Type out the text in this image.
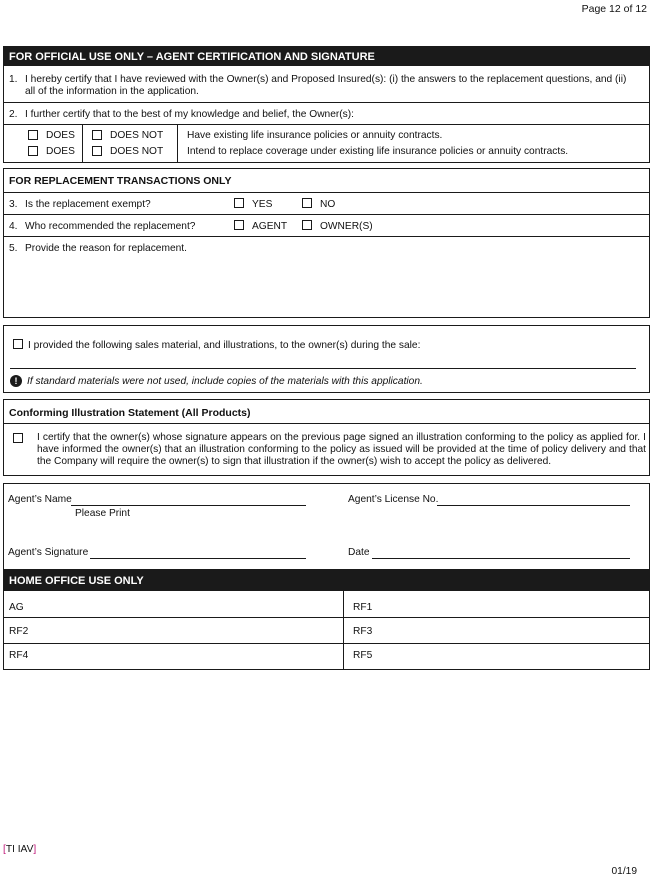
Page 12 of 12
FOR OFFICIAL USE ONLY – AGENT CERTIFICATION AND SIGNATURE
1. I hereby certify that I have reviewed with the Owner(s) and Proposed Insured(s): (i) the answers to the replacement questions, and (ii) all of the information in the application.
2. I further certify that to the best of my knowledge and belief, the Owner(s):
DOES	DOES NOT Have existing life insurance policies or annuity contracts.
DOES	DOES NOT Intend to replace coverage under existing life insurance policies or annuity contracts.
FOR REPLACEMENT TRANSACTIONS ONLY
3. Is the replacement exempt?	YES	NO
4. Who recommended the replacement?	AGENT	OWNER(S)
5. Provide the reason for replacement.
I provided the following sales material, and illustrations, to the owner(s) during the sale:
! If standard materials were not used, include copies of the materials with this application.
Conforming Illustration Statement (All Products)
I certify that the owner(s) whose signature appears on the previous page signed an illustration conforming to the policy as applied for. I have informed the owner(s) that an illustration conforming to the policy as issued will be provided at the time of policy delivery and that the Company will require the owner(s) to sign that illustration if the owner(s) wish to accept the policy as delivered.
Agent’s Name
Please Print
Agent’s License No.
Agent’s Signature	Date
HOME OFFICE USE ONLY
AG	RF1
RF2	RF3
RF4	RF5
[TI IAV]
01/19
